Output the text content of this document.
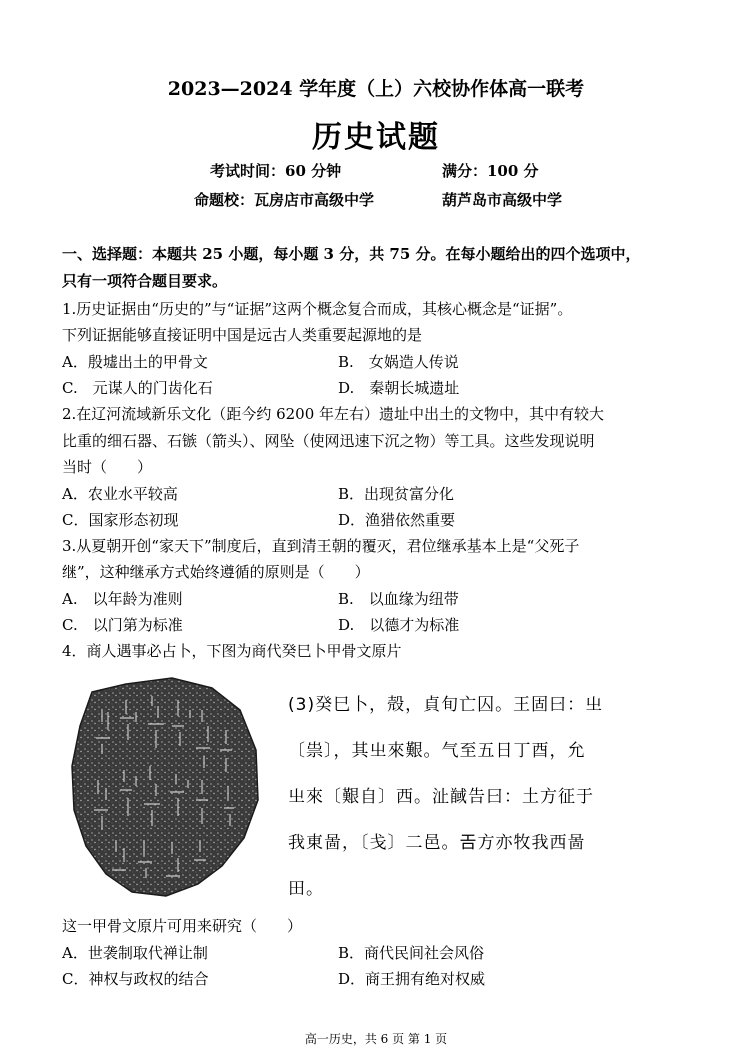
2023—2024 学年度（上）六校协作体高一联考
历史试题
考试时间：60 分钟	满分：100 分
命题校：瓦房店市高级中学	葫芦岛市高级中学
一、选择题：本题共 25 小题，每小题 3 分，共 75 分。在每小题给出的四个选项中，
只有一项符合题目要求。
1.历史证据由“历史的”与“证据”这两个概念复合而成，其核心概念是“证据”。
下列证据能够直接证明中国是远古人类重要起源地的是
A．殷墟出土的甲骨文	B.　女娲造人传说
C.　元谋人的门齿化石	D.　秦朝长城遗址
2.在辽河流域新乐文化（距今约 6200 年左右）遗址中出土的文物中，其中有较大
比重的细石器、石镞（箭头）、网坠（使网迅速下沉之物）等工具。这些发现说明
当时（　　）
A．农业水平较高	B．出现贫富分化
C．国家形态初现	D．渔猎依然重要
3.从夏朝开创“家天下”制度后，直到清王朝的覆灭，君位继承基本上是“父死子
继”，这种继承方式始终遵循的原则是（　　）
A.　以年龄为准则	B.　以血缘为纽带
C.　以门第为标准	D.　以德才为标准
4．商人遇事必占卜，下图为商代癸巳卜甲骨文原片
(3)癸巳卜，殻，貞旬亡囚。王固曰：㞢
〔祟〕，其㞢來艱。气至五日丁酉，允
㞢來〔艱自〕西。沚馘告曰：土方征于
我東啚，〔戋〕二邑。𢀛方亦牧我西啚
田。
这一甲骨文原片可用来研究（　　）
A．世袭制取代禅让制	B．商代民间社会风俗
C．神权与政权的结合	D．商王拥有绝对权威
高一历史，共 6 页 第 1 页
